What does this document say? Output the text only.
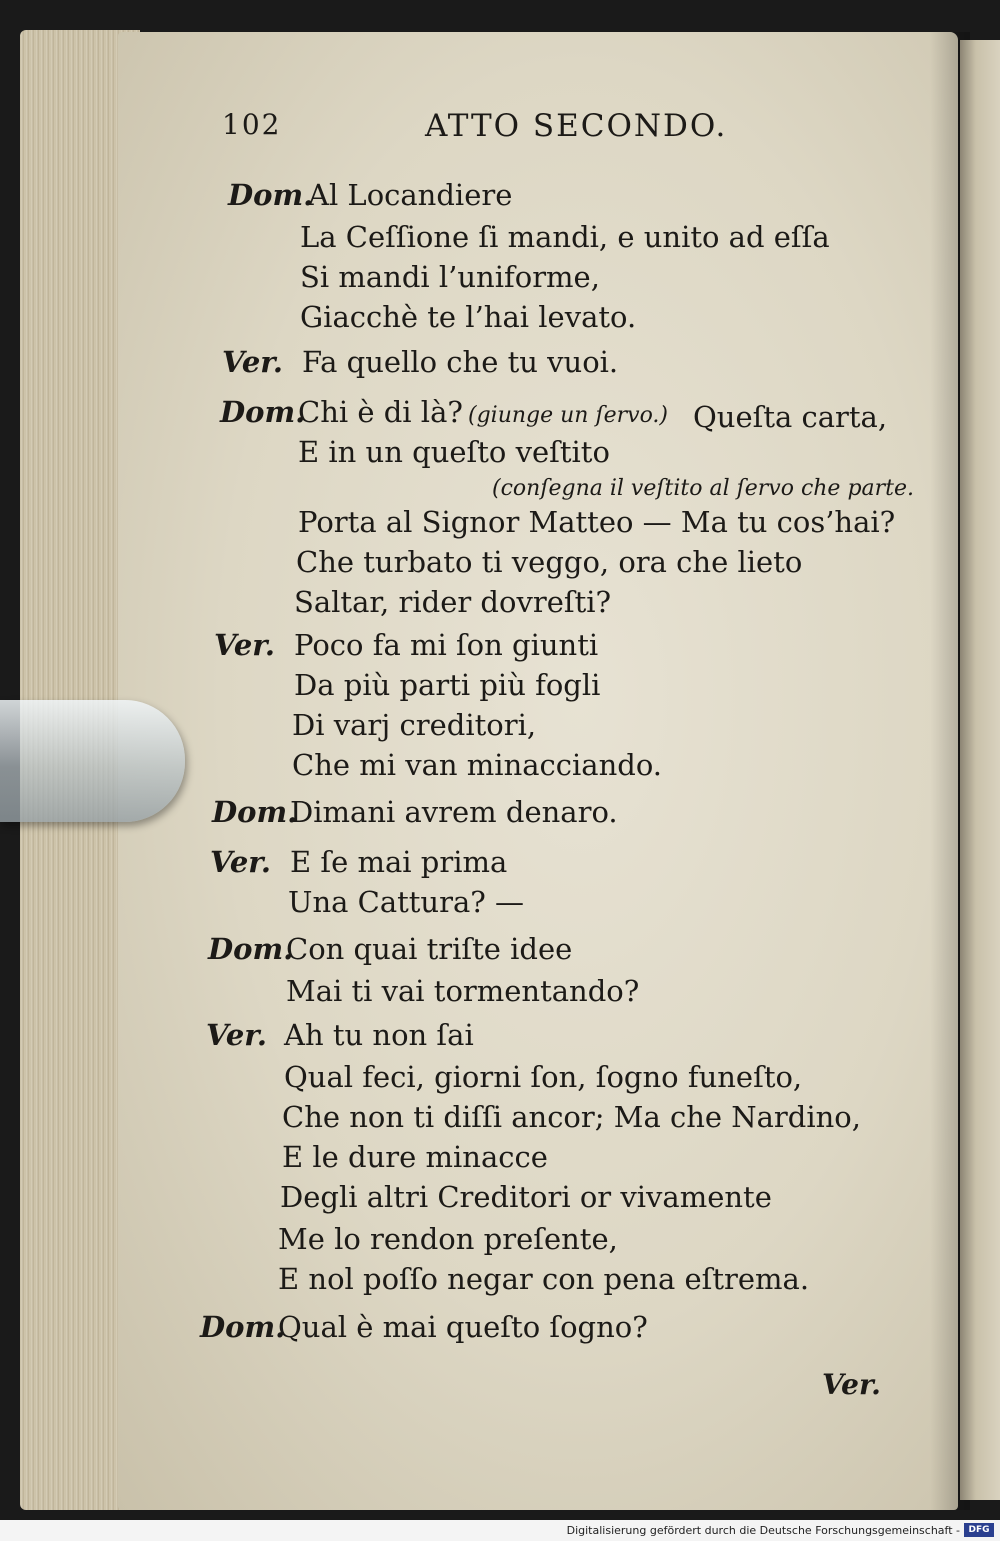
102	ATTO SECONDO.
Dom.
Al Locandiere
La Ceſſione ſi mandi, e unito ad eſſa
Si mandi l’uniforme,
Giacchè te l’hai levato.
Ver. Fa quello che tu vuoi.
Dom.
Chi è di là? (giunge un ſervo.) Queſta carta,
E in un queſto veſtito
(conſegna il veſtito al ſervo che parte.
Porta al Signor Matteo — Ma tu cos’hai?
Che turbato ti veggo, ora che lieto
Saltar, rider dovreſti?
Ver. Poco fa mi ſon giunti
Da più parti più fogli
Di varj creditori,
Che mi van minacciando.
Dom.
Dimani avrem denaro.
Ver. E ſe mai prima
Una Cattura? —
Dom.
Con quai triſte idee
Mai ti vai tormentando?
Ver. Ah tu non ſai
Qual feci, giorni ſon, ſogno funeſto,
Che non ti diſſi ancor; Ma che Nardino,
E le dure minacce
Degli altri Creditori or vivamente
Me lo rendon preſente,
E nol poſſo negar con pena eſtrema.
Dom.
Qual è mai queſto ſogno?
Ver.
Digitalisierung gefördert durch die Deutsche Forschungsgemeinschaft - DFG
